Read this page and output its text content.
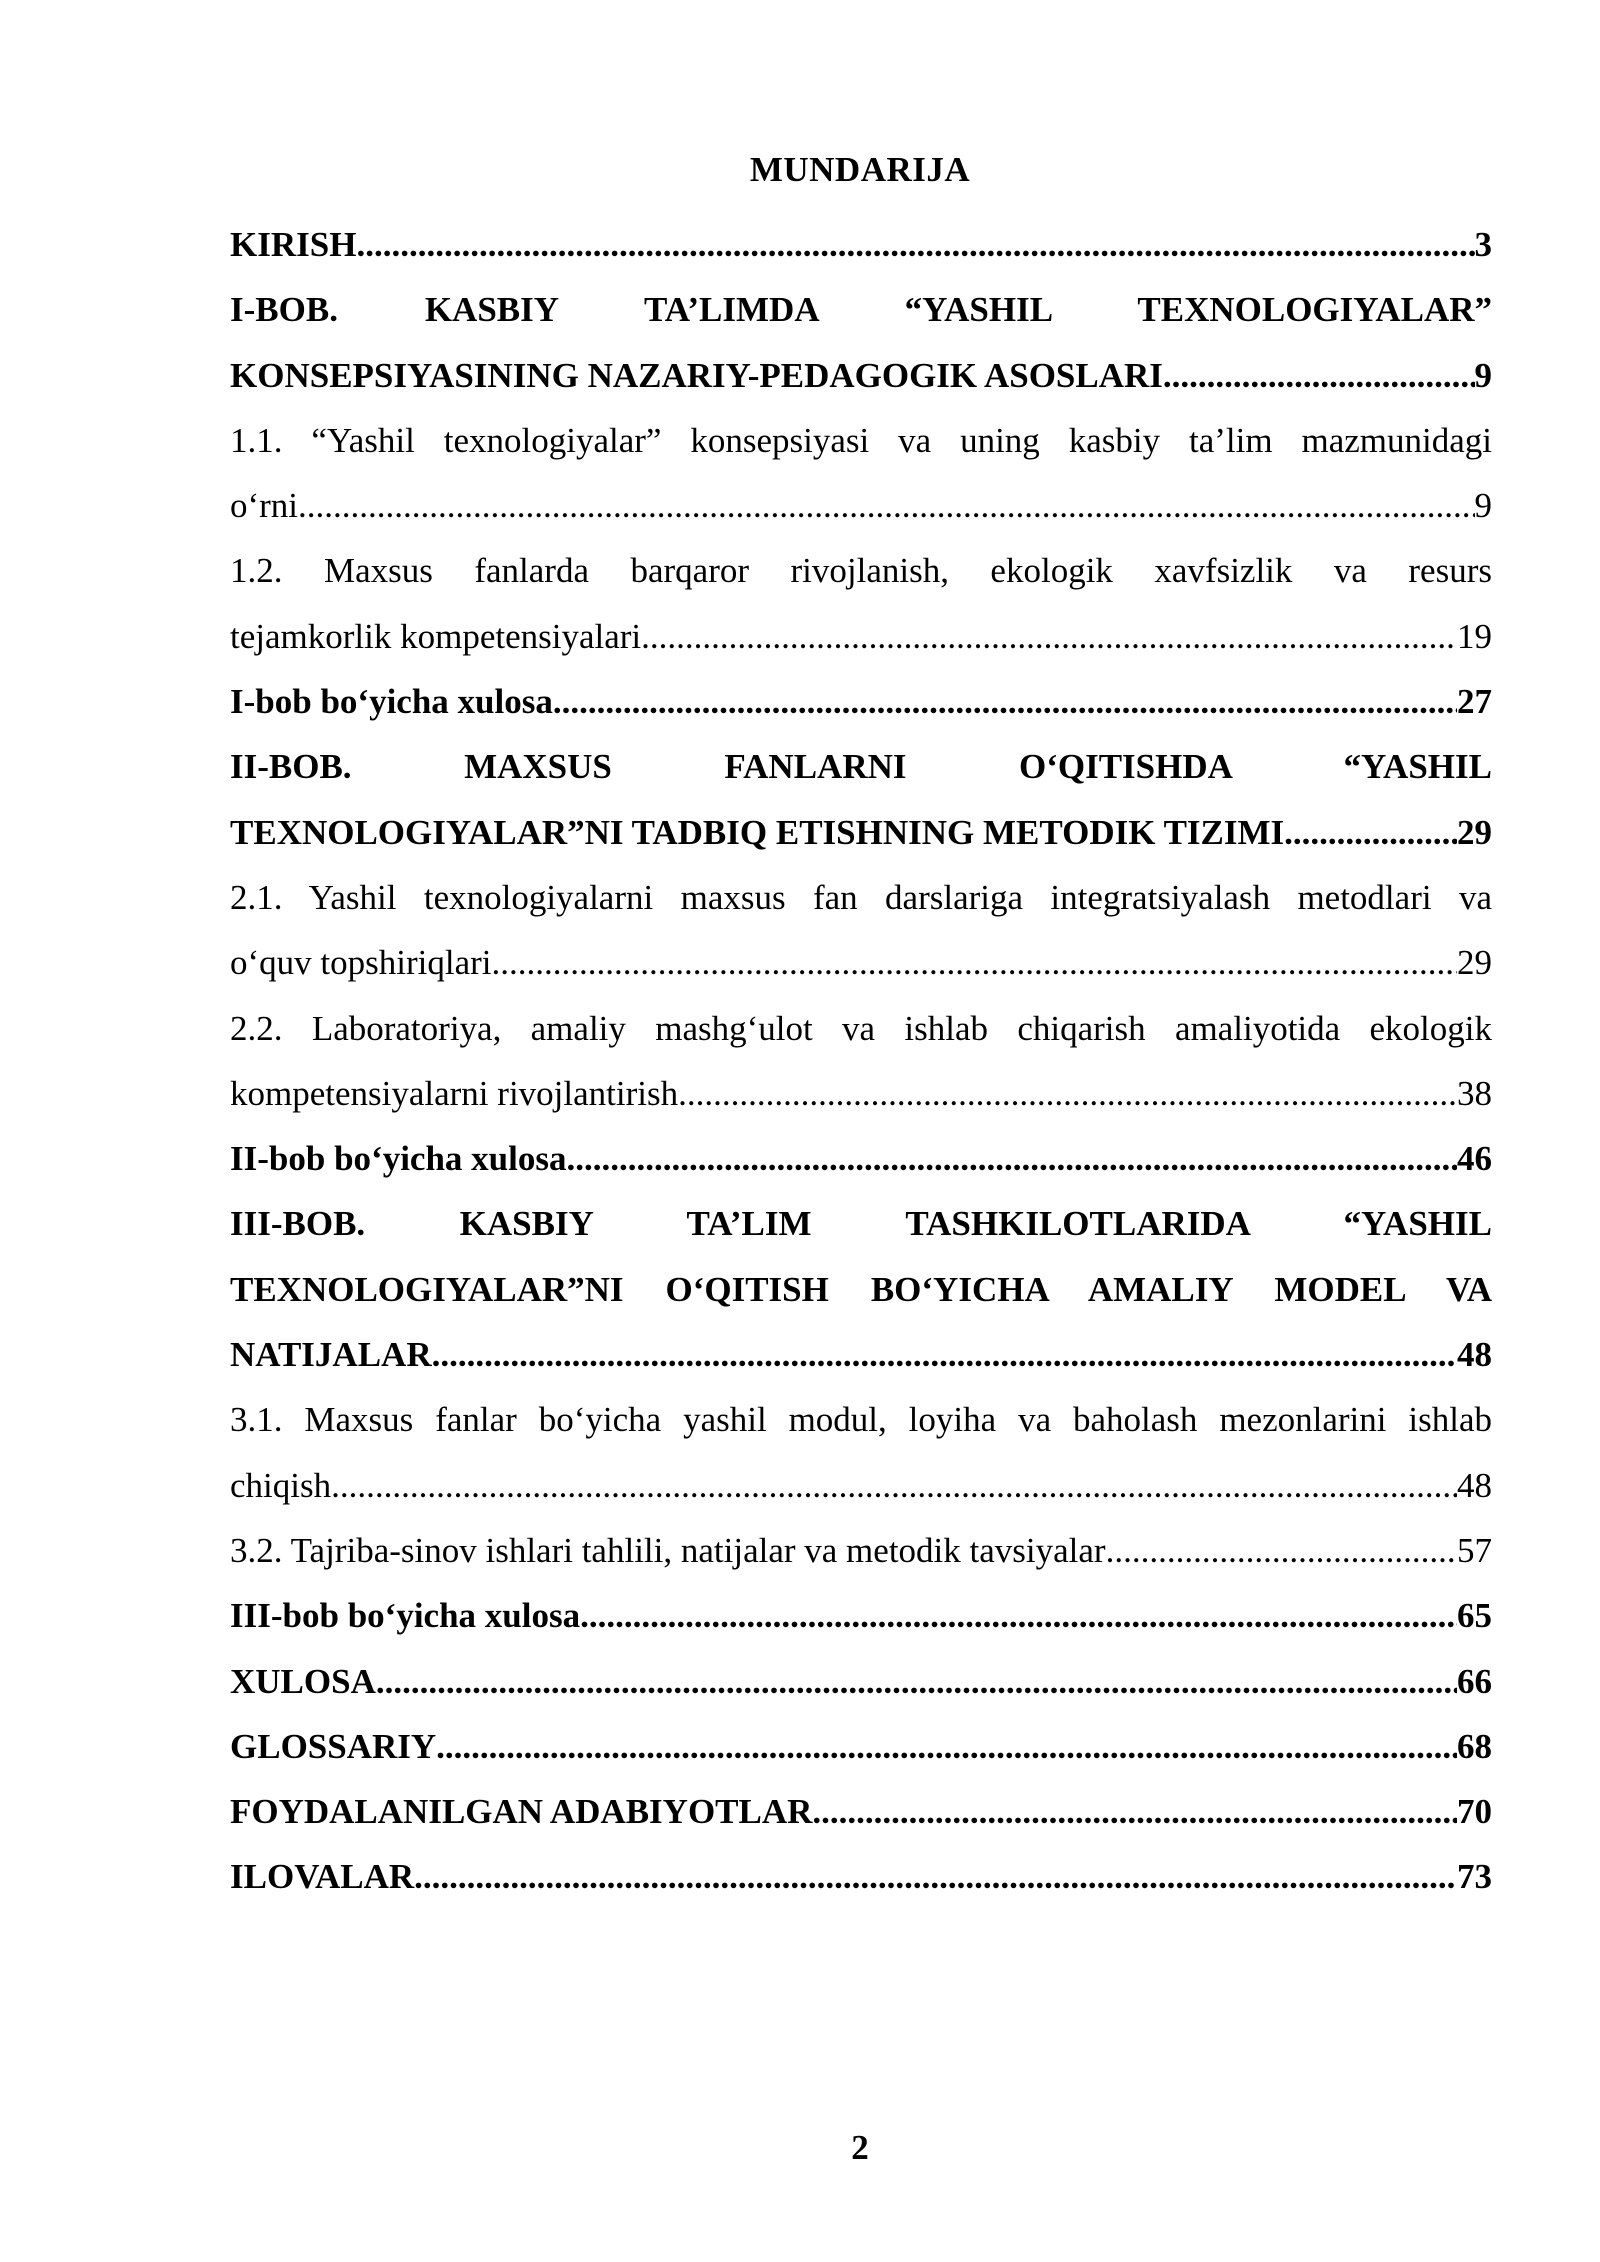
MUNDARIJA
KIRISH .....	3
I-BOB. KASBIY TA’LIMDA “YASHIL TEXNOLOGIYALAR”
KONSEPSIYASINING NAZARIY-PEDAGOGIK ASOSLARI .....	9
1.1. “Yashil texnologiyalar” konsepsiyasi va uning kasbiy ta’lim mazmunidagi
o‘rni .....	9
1.2. Maxsus fanlarda barqaror rivojlanish, ekologik xavfsizlik va resurs
tejamkorlik kompetensiyalari .....	19
I-bob bo‘yicha xulosa .....	27
II-BOB. MAXSUS FANLARNI O‘QITISHDA “YASHIL
TEXNOLOGIYALAR”NI TADBIQ ETISHNING METODIK TIZIMI .....	29
2.1. Yashil texnologiyalarni maxsus fan darslariga integratsiyalash metodlari va
o‘quv topshiriqlari .....	29
2.2. Laboratoriya, amaliy mashg‘ulot va ishlab chiqarish amaliyotida ekologik
kompetensiyalarni rivojlantirish .....	38
II-bob bo‘yicha xulosa .....	46
III-BOB. KASBIY TA’LIM TASHKILOTLARIDA “YASHIL
TEXNOLOGIYALAR”NI O‘QITISH BO‘YICHA AMALIY MODEL VA
NATIJALAR .....	48
3.1. Maxsus fanlar bo‘yicha yashil modul, loyiha va baholash mezonlarini ishlab
chiqish .....	48
3.2. Tajriba-sinov ishlari tahlili, natijalar va metodik tavsiyalar .....	57
III-bob bo‘yicha xulosa .....	65
XULOSA .....	66
GLOSSARIY .....	68
FOYDALANILGAN ADABIYOTLAR .....	70
ILOVALAR .....	73
2
